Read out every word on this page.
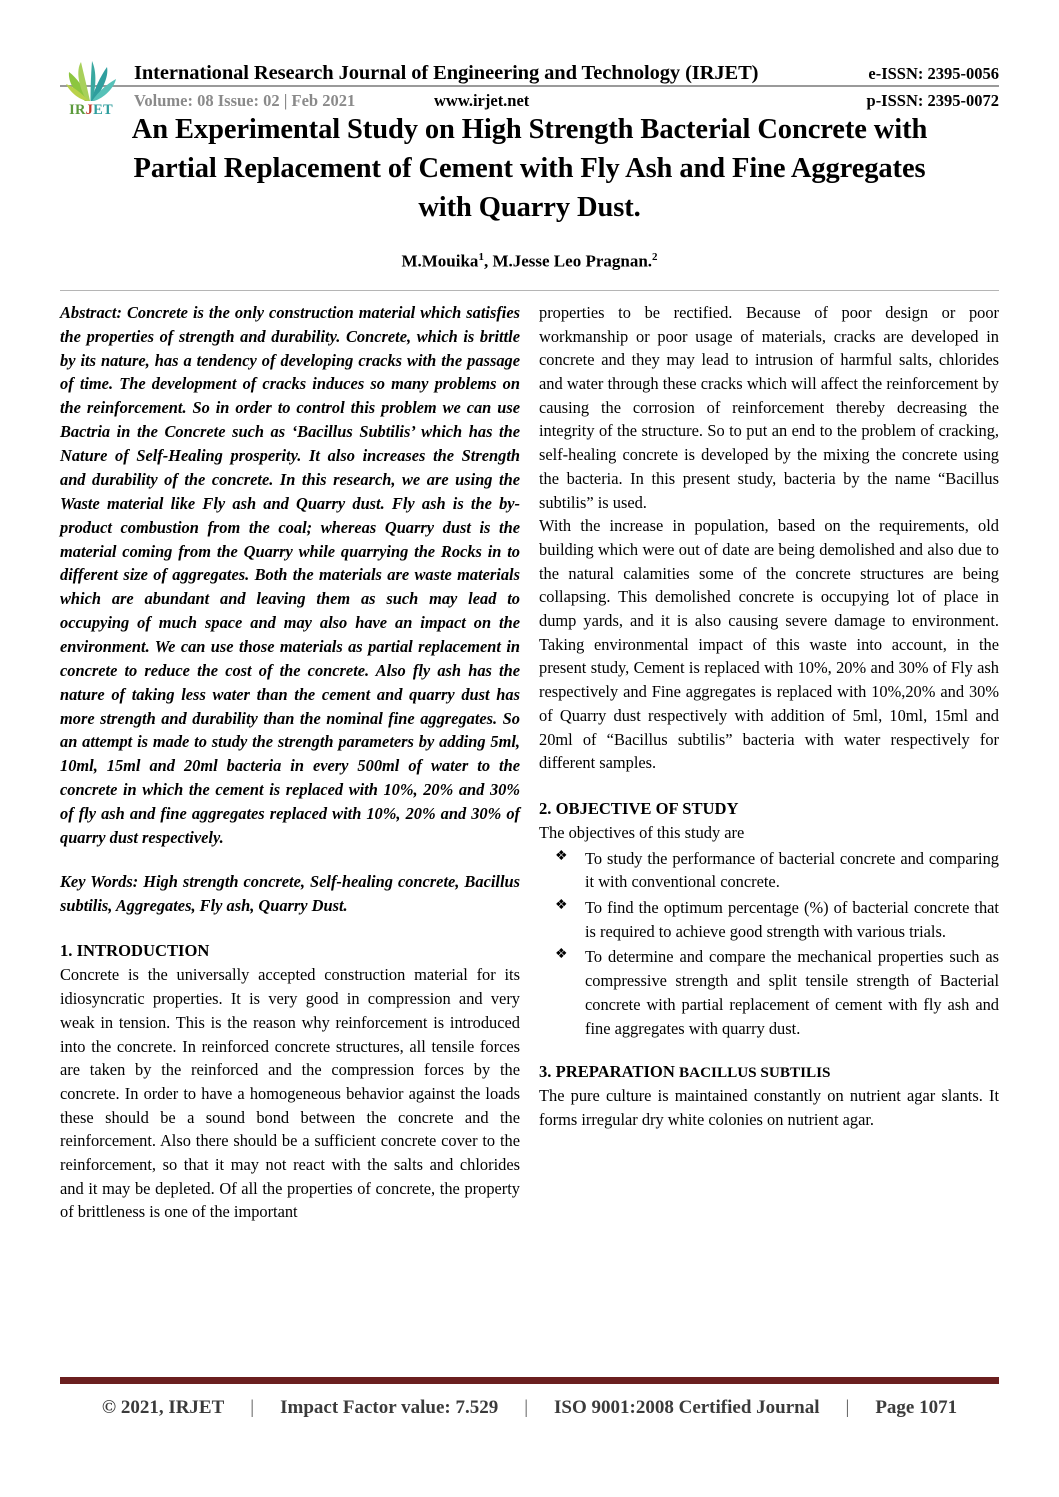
IRJET
International Research Journal of Engineering and Technology (IRJET)	e-ISSN: 2395-0056
Volume: 08 Issue: 02 | Feb 2021	www.irjet.net	p-ISSN: 2395-0072
An Experimental Study on High Strength Bacterial Concrete with
Partial Replacement of Cement with Fly Ash and Fine Aggregates
with Quarry Dust.
M.Mouika$^1$, M.Jesse Leo Pragnan.$^2$

Abstract: Concrete is the only construction material which satisfies the properties of strength and durability. Concrete, which is brittle by its nature, has a tendency of developing cracks with the passage of time. The development of cracks induces so many problems on the reinforcement. So in order to control this problem we can use Bactria in the Concrete such as ‘Bacillus Subtilis’ which has the Nature of Self-Healing prosperity. It also increases the Strength and durability of the concrete. In this research, we are using the Waste material like Fly ash and Quarry dust. Fly ash is the by-product combustion from the coal; whereas Quarry dust is the material coming from the Quarry while quarrying the Rocks in to different size of aggregates. Both the materials are waste materials which are abundant and leaving them as such may lead to occupying of much space and may also have an impact on the environment. We can use those materials as partial replacement in concrete to reduce the cost of the concrete. Also fly ash has the nature of taking less water than the cement and quarry dust has more strength and durability than the nominal fine aggregates. So an attempt is made to study the strength parameters by adding 5ml, 10ml, 15ml and 20ml bacteria in every 500ml of water to the concrete in which the cement is replaced with 10%, 20% and 30% of fly ash and fine aggregates replaced with 10%, 20% and 30% of quarry dust respectively.

Key Words: High strength concrete, Self-healing concrete, Bacillus subtilis, Aggregates, Fly ash, Quarry Dust.

1. INTRODUCTION

Concrete is the universally accepted construction material for its idiosyncratic properties. It is very good in compression and very weak in tension. This is the reason why reinforcement is introduced into the concrete. In reinforced concrete structures, all tensile forces are taken by the reinforced and the compression forces by the concrete. In order to have a homogeneous behavior against the loads these should be a sound bond between the concrete and the reinforcement. Also there should be a sufficient concrete cover to the reinforcement, so that it may not react with the salts and chlorides and it may be depleted. Of all the properties of concrete, the property of brittleness is one of the important

properties to be rectified. Because of poor design or poor workmanship or poor usage of materials, cracks are developed in concrete and they may lead to intrusion of harmful salts, chlorides and water through these cracks which will affect the reinforcement by causing the corrosion of reinforcement thereby decreasing the integrity of the structure. So to put an end to the problem of cracking, self-healing concrete is developed by the mixing the concrete using the bacteria. In this present study, bacteria by the name “Bacillus subtilis” is used.

With the increase in population, based on the requirements, old building which were out of date are being demolished and also due to the natural calamities some of the concrete structures are being collapsing. This demolished concrete is occupying lot of place in dump yards, and it is also causing severe damage to environment. Taking environmental impact of this waste into account, in the present study, Cement is replaced with 10%, 20% and 30% of Fly ash respectively and Fine aggregates is replaced with 10%,20% and 30% of Quarry dust respectively with addition of 5ml, 10ml, 15ml and 20ml of “Bacillus subtilis” bacteria with water respectively for different samples.

2. OBJECTIVE OF STUDY

The objectives of this study are

❖ To study the performance of bacterial concrete and comparing it with conventional concrete.
❖ To find the optimum percentage (%) of bacterial concrete that is required to achieve good strength with various trials.
❖ To determine and compare the mechanical properties such as compressive strength and split tensile strength of Bacterial concrete with partial replacement of cement with fly ash and fine aggregates with quarry dust.
3. PREPARATION BACILLUS SUBTILIS

The pure culture is maintained constantly on nutrient agar slants. It forms irregular dry white colonies on nutrient agar.

© 2021, IRJET	|	Impact Factor value: 7.529	|	ISO 9001:2008 Certified Journal	|	Page 1071
